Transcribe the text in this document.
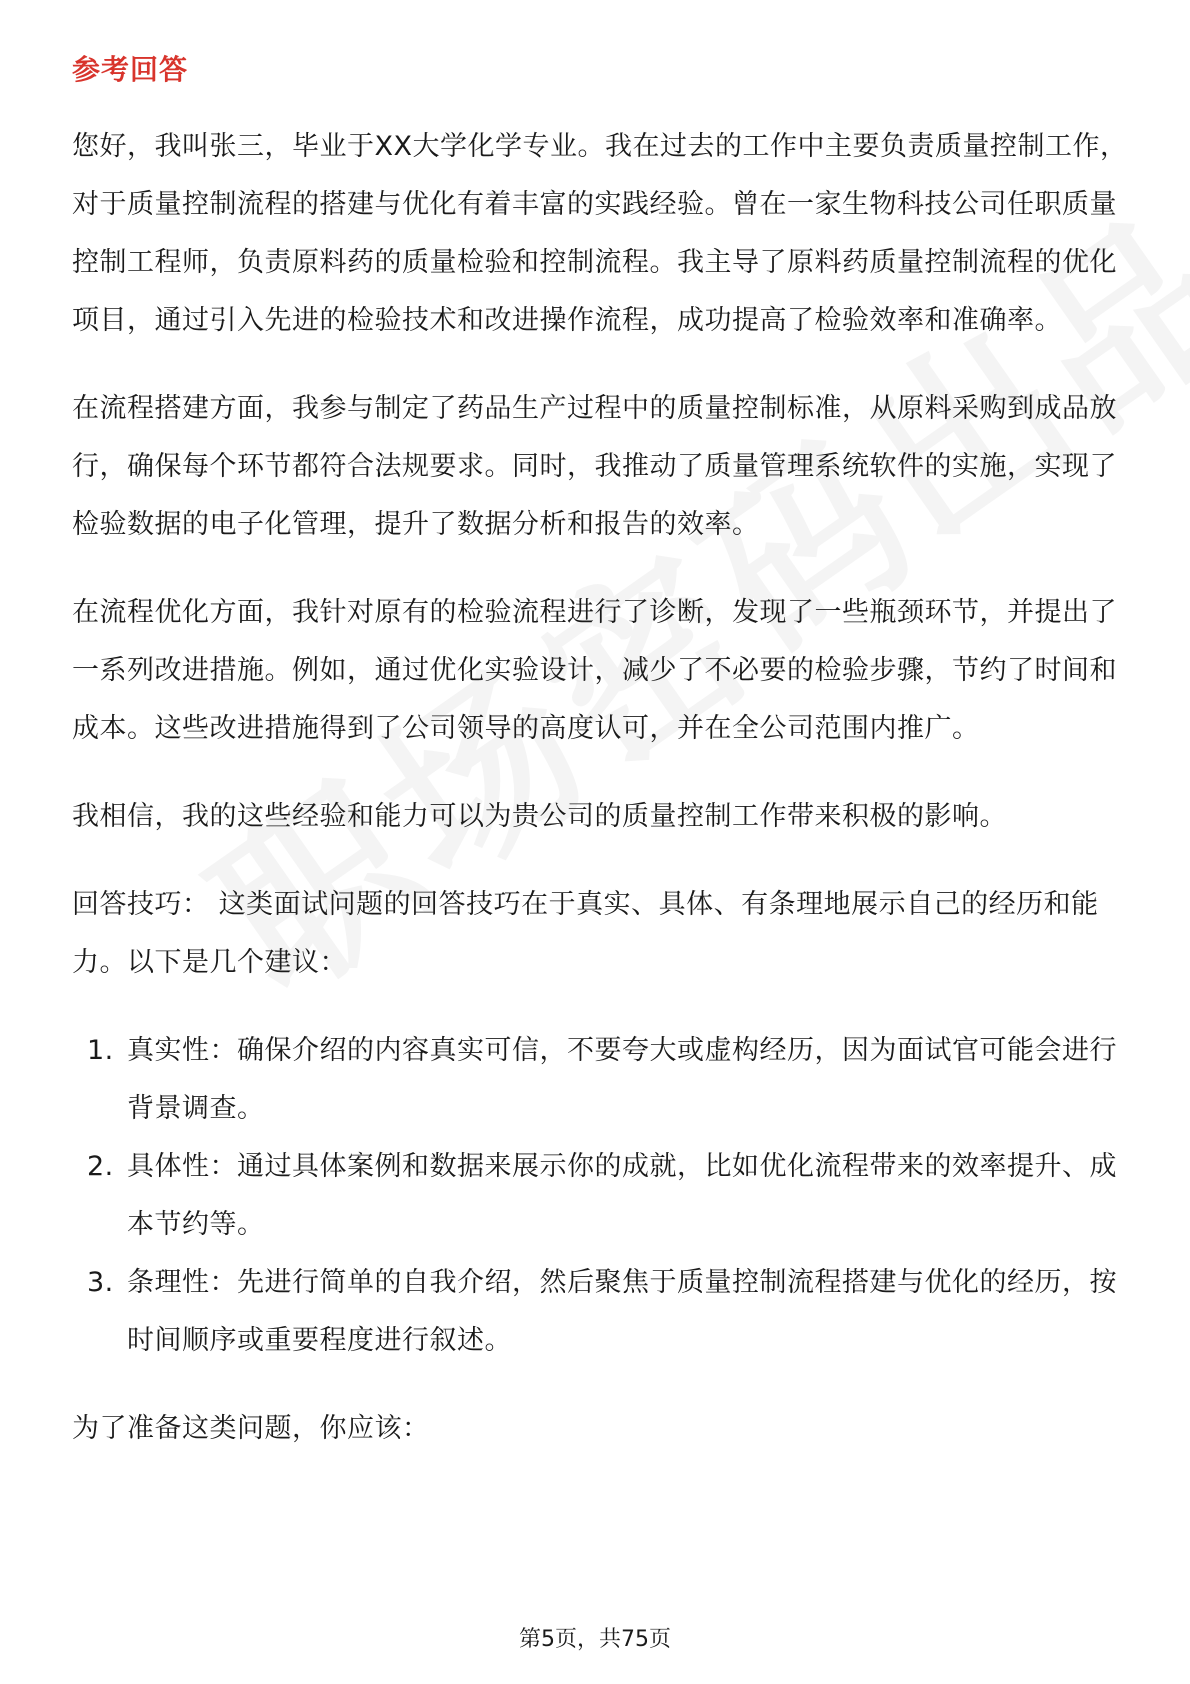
参考回答

您好，我叫张三，毕业于XX大学化学专业。我在过去的工作中主要负责质量控制工作，对于质量控制流程的搭建与优化有着丰富的实践经验。曾在一家生物科技公司任职质量控制工程师，负责原料药的质量检验和控制流程。我主导了原料药质量控制流程的优化项目，通过引入先进的检验技术和改进操作流程，成功提高了检验效率和准确率。

在流程搭建方面，我参与制定了药品生产过程中的质量控制标准，从原料采购到成品放行，确保每个环节都符合法规要求。同时，我推动了质量管理系统软件的实施，实现了检验数据的电子化管理，提升了数据分析和报告的效率。

在流程优化方面，我针对原有的检验流程进行了诊断，发现了一些瓶颈环节，并提出了一系列改进措施。例如，通过优化实验设计，减少了不必要的检验步骤，节约了时间和成本。这些改进措施得到了公司领导的高度认可，并在全公司范围内推广。

我相信，我的这些经验和能力可以为贵公司的质量控制工作带来积极的影响。

回答技巧： 这类面试问题的回答技巧在于真实、具体、有条理地展示自己的经历和能力。以下是几个建议：

1. 真实性：确保介绍的内容真实可信，不要夸大或虚构经历，因为面试官可能会进行背景调查。
2. 具体性：通过具体案例和数据来展示你的成就，比如优化流程带来的效率提升、成本节约等。
3. 条理性：先进行简单的自我介绍，然后聚焦于质量控制流程搭建与优化的经历，按时间顺序或重要程度进行叙述。

为了准备这类问题，你应该：

第5页，共75页
